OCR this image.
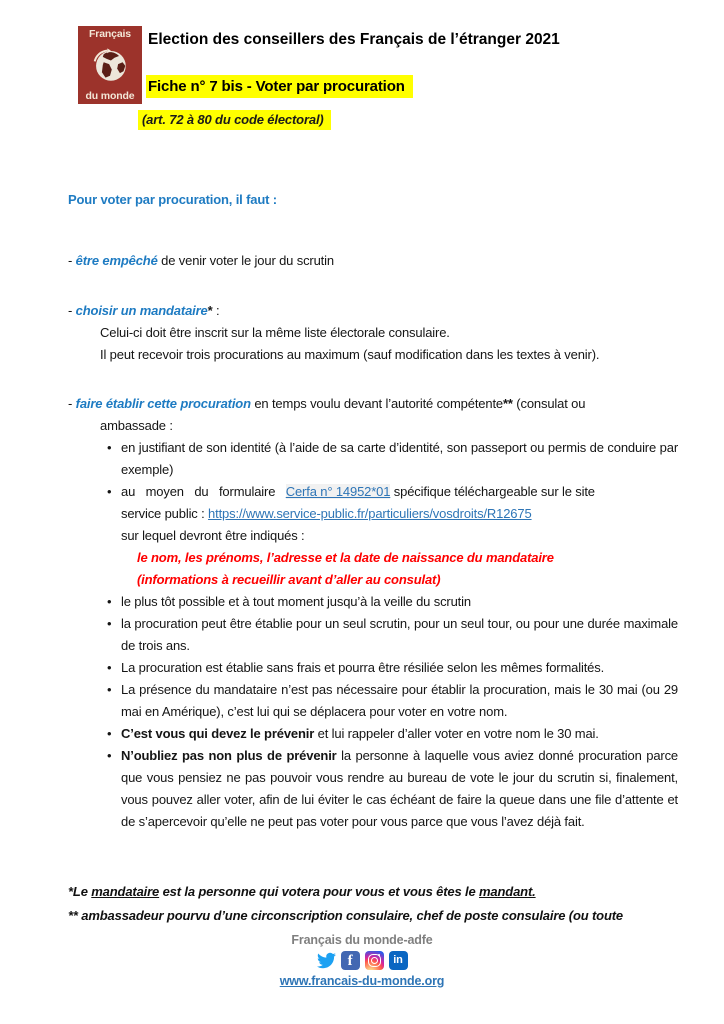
Français
du monde
Election des conseillers des Français de l’étranger 2021
Fiche n° 7 bis - Voter par procuration
(art. 72 à 80 du code électoral)

Pour voter par procuration, il faut :

- être empêché de venir voter le jour du scrutin

- choisir un mandataire* :

Celui-ci doit être inscrit sur la même liste électorale consulaire.

Il peut recevoir trois procurations au maximum (sauf modification dans les textes à venir).

- faire établir cette procuration en temps voulu devant l’autorité compétente** (consulat ou

ambassade :

• en justifiant de son identité (à l’aide de sa carte d’identité, son passeport ou permis de conduire par exemple)
• au moyen du formulaire Cerfa n° 14952*01 spécifique téléchargeable sur le site
service public : https://www.service-public.fr/particuliers/vosdroits/R12675
sur lequel devront être indiqués :
le nom, les prénoms, l’adresse et la date de naissance du mandataire
(informations à recueillir avant d’aller au consulat)
• le plus tôt possible et à tout moment jusqu’à la veille du scrutin
• la procuration peut être établie pour un seul scrutin, pour un seul tour, ou pour une durée maximale de trois ans.
• La procuration est établie sans frais et pourra être résiliée selon les mêmes formalités.
• La présence du mandataire n’est pas nécessaire pour établir la procuration, mais le 30 mai (ou 29 mai en Amérique), c’est lui qui se déplacera pour voter en votre nom.
• C’est vous qui devez le prévenir et lui rappeler d’aller voter en votre nom le 30 mai.
• N’oubliez pas non plus de prévenir la personne à laquelle vous aviez donné procuration parce que vous pensiez ne pas pouvoir vous rendre au bureau de vote le jour du scrutin si, finalement, vous pouvez aller voter, afin de lui éviter le cas échéant de faire la queue dans une file d’attente et de s’apercevoir qu’elle ne peut pas voter pour vous parce que vous l’avez déjà fait.

*Le mandataire est la personne qui votera pour vous et vous êtes le mandant.

** ambassadeur pourvu d’une circonscription consulaire, chef de poste consulaire (ou toute

Français du monde-adfe
f	in
www.francais-du-monde.org
